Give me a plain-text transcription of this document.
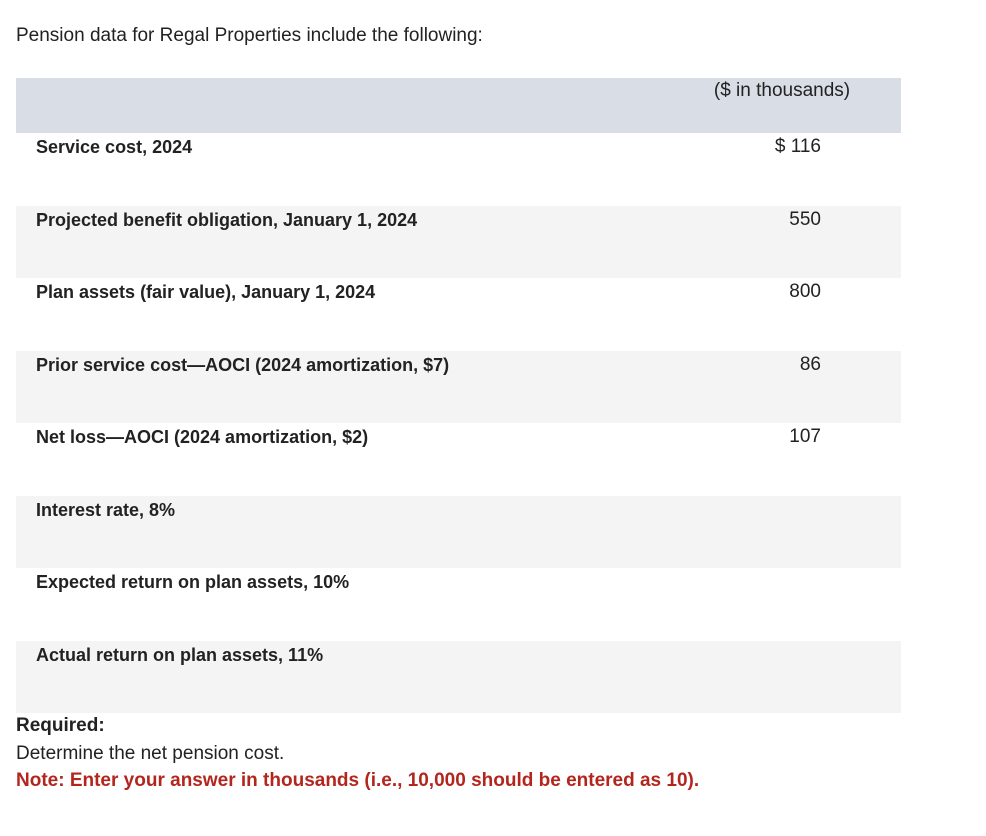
Pension data for Regal Properties include the following:
($ in thousands)
Service cost, 2024	$ 116
Projected benefit obligation, January 1, 2024	550
Plan assets (fair value), January 1, 2024	800
Prior service cost—AOCI (2024 amortization, $7)	86
Net loss—AOCI (2024 amortization, $2)	107
Interest rate, 8%
Expected return on plan assets, 10%
Actual return on plan assets, 11%
Required:
Determine the net pension cost.
Note: Enter your answer in thousands (i.e., 10,000 should be entered as 10).
